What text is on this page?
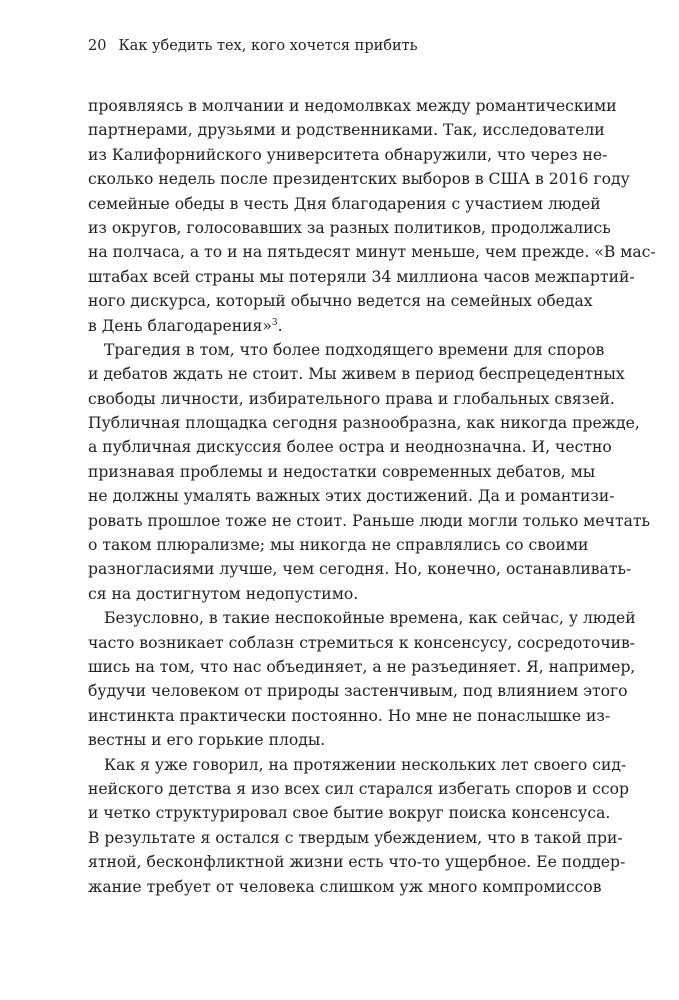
20 Как убедить тех, кого хочется прибить
проявляясь в молчании и недомолвках между романтическими
партнерами, друзьями и родственниками. Так, исследователи
из Калифорнийского университета обнаружили, что через не-
сколько недель после президентских выборов в США в 2016 году
семейные обеды в честь Дня благодарения с участием людей
из округов, голосовавших за разных политиков, продолжались
на полчаса, а то и на пятьдесят минут меньше, чем прежде. «В мас-
штабах всей страны мы потеряли 34 миллиона часов межпартий-
ного дискурса, который обычно ведется на семейных обедах
в День благодарения»$^3$.
Трагедия в том, что более подходящего времени для споров
и дебатов ждать не стоит. Мы живем в период беспрецедентных
свободы личности, избирательного права и глобальных связей.
Публичная площадка сегодня разнообразна, как никогда прежде,
а публичная дискуссия более остра и неоднозначна. И, честно
признавая проблемы и недостатки современных дебатов, мы
не должны умалять важных этих достижений. Да и романтизи-
ровать прошлое тоже не стоит. Раньше люди могли только мечтать
о таком плюрализме; мы никогда не справлялись со своими
разногласиями лучше, чем сегодня. Но, конечно, останавливать-
ся на достигнутом недопустимо.
Безусловно, в такие неспокойные времена, как сейчас, у людей
часто возникает соблазн стремиться к консенсусу, сосредоточив-
шись на том, что нас объединяет, а не разъединяет. Я, например,
будучи человеком от природы застенчивым, под влиянием этого
инстинкта практически постоянно. Но мне не понаслышке из-
вестны и его горькие плоды.
Как я уже говорил, на протяжении нескольких лет своего сид-
нейского детства я изо всех сил старался избегать споров и ссор
и четко структурировал свое бытие вокруг поиска консенсуса.
В результате я остался с твердым убеждением, что в такой при-
ятной, бесконфликтной жизни есть что-то ущербное. Ее поддер-
жание требует от человека слишком уж много компромиссов
